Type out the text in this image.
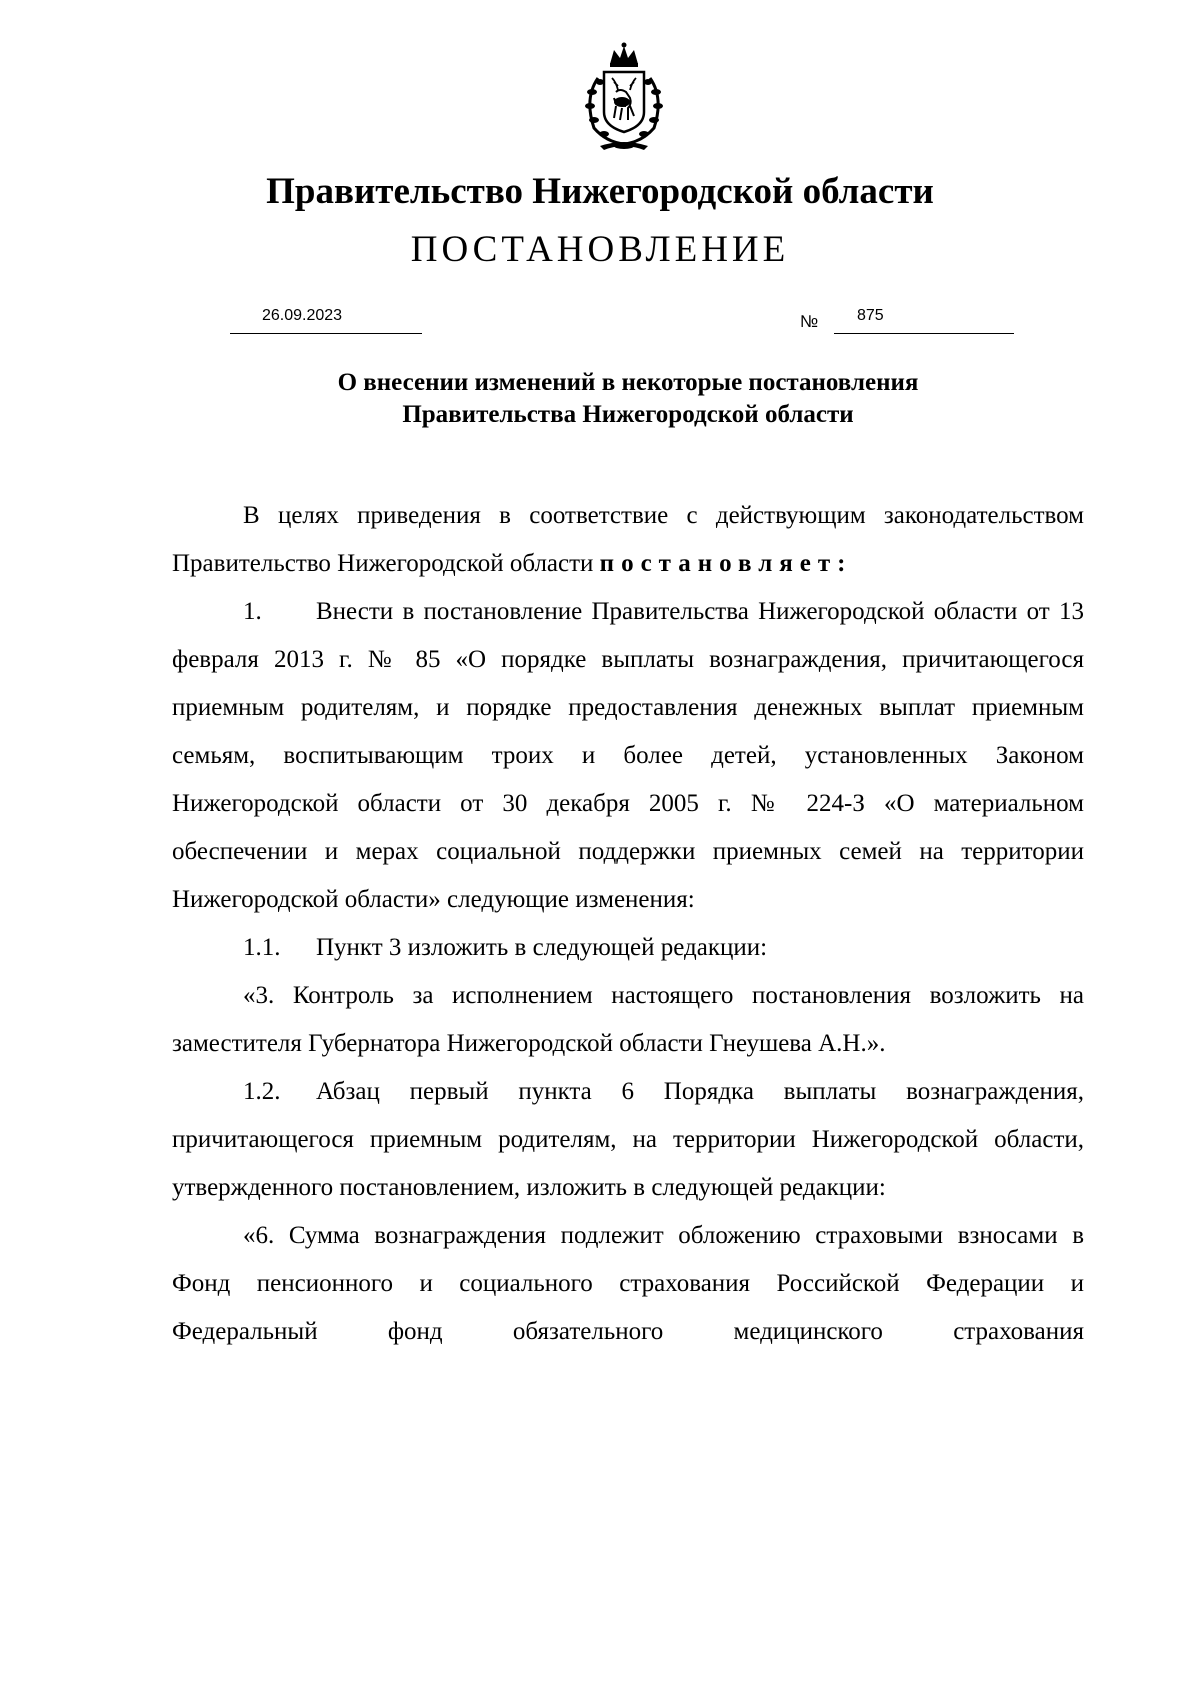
Правительство Нижегородской области
ПОСТАНОВЛЕНИЕ
26.09.2023	№ 875
О внесении изменений в некоторые постановления
Правительства Нижегородской области

В целях приведения в соответствие с действующим законодательством Правительство Нижегородской области постановляет:

1. Внести в постановление Правительства Нижегородской области от 13 февраля 2013 г. № 85 «О порядке выплаты вознаграждения, причитающегося приемным родителям, и порядке предоставления денежных выплат приемным семьям, воспитывающим троих и более детей, установленных Законом Нижегородской области от 30 декабря 2005 г. № 224-З «О материальном обеспечении и мерах социальной поддержки приемных семей на территории Нижегородской области» следующие изменения:

1.1. Пункт 3 изложить в следующей редакции:

«3. Контроль за исполнением настоящего постановления возложить на заместителя Губернатора Нижегородской области Гнеушева А.Н.».

1.2. Абзац первый пункта 6 Порядка выплаты вознаграждения, причитающегося приемным родителям, на территории Нижегородской области, утвержденного постановлением, изложить в следующей редакции:

«6. Сумма вознаграждения подлежит обложению страховыми взносами в Фонд пенсионного и социального страхования Российской Федерации и Федеральный фонд обязательного медицинского страхования
